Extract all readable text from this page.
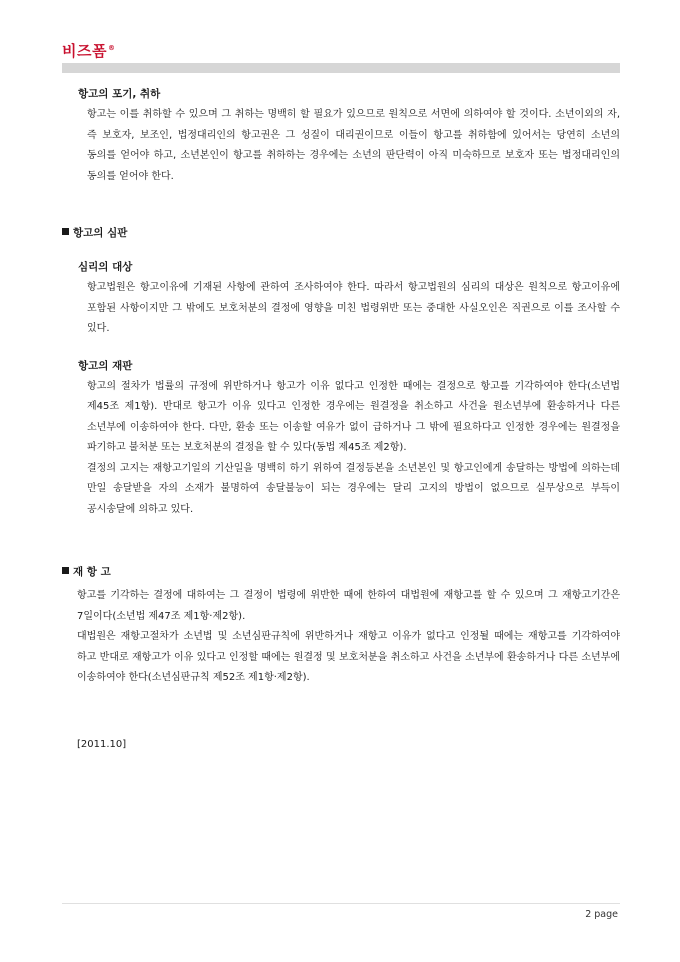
비즈폼®
항고의 포기, 취하

항고는 이를 취하할 수 있으며 그 취하는 명백히 할 필요가 있으므로 원칙으로 서면에 의하여야 할 것이다. 소년이외의 자, 즉 보호자, 보조인, 법정대리인의 항고권은 그 성질이 대리권이므로 이들이 항고를 취하함에 있어서는 당연히 소년의 동의를 얻어야 하고, 소년본인이 항고를 취하하는 경우에는 소년의 판단력이 아직 미숙하므로 보호자 또는 법정대리인의 동의를 얻어야 한다.

항고의 심판
심리의 대상

항고법원은 항고이유에 기재된 사항에 관하여 조사하여야 한다. 따라서 항고법원의 심리의 대상은 원칙으로 항고이유에 포함된 사항이지만 그 밖에도 보호처분의 결정에 영향을 미친 법령위반 또는 중대한 사실오인은 직권으로 이를 조사할 수 있다.

항고의 재판

항고의 절차가 법률의 규정에 위반하거나 항고가 이유 없다고 인정한 때에는 결정으로 항고를 기각하여야 한다(소년법 제45조 제1항). 반대로 항고가 이유 있다고 인정한 경우에는 원결정을 취소하고 사건을 원소년부에 환송하거나 다른 소년부에 이송하여야 한다. 다만, 환송 또는 이송할 여유가 없이 급하거나 그 밖에 필요하다고 인정한 경우에는 원결정을 파기하고 불처분 또는 보호처분의 결정을 할 수 있다(동법 제45조 제2항).

결정의 고지는 재항고기일의 기산일을 명백히 하기 위하여 결정등본을 소년본인 및 항고인에게 송달하는 방법에 의하는데 만일 송달받을 자의 소재가 불명하여 송달불능이 되는 경우에는 달리 고지의 방법이 없으므로 실무상으로 부득이 공시송달에 의하고 있다.

재 항 고

항고를 기각하는 결정에 대하여는 그 결정이 법령에 위반한 때에 한하여 대법원에 재항고를 할 수 있으며 그 재항고기간은 7일이다(소년법 제47조 제1항·제2항).

대법원은 재항고절차가 소년법 및 소년심판규칙에 위반하거나 재항고 이유가 없다고 인정될 때에는 재항고를 기각하여야 하고 반대로 재항고가 이유 있다고 인정할 때에는 원결정 및 보호처분을 취소하고 사건을 소년부에 환송하거나 다른 소년부에 이송하여야 한다(소년심판규칙 제52조 제1항·제2항).

[2011.10]
2 page
